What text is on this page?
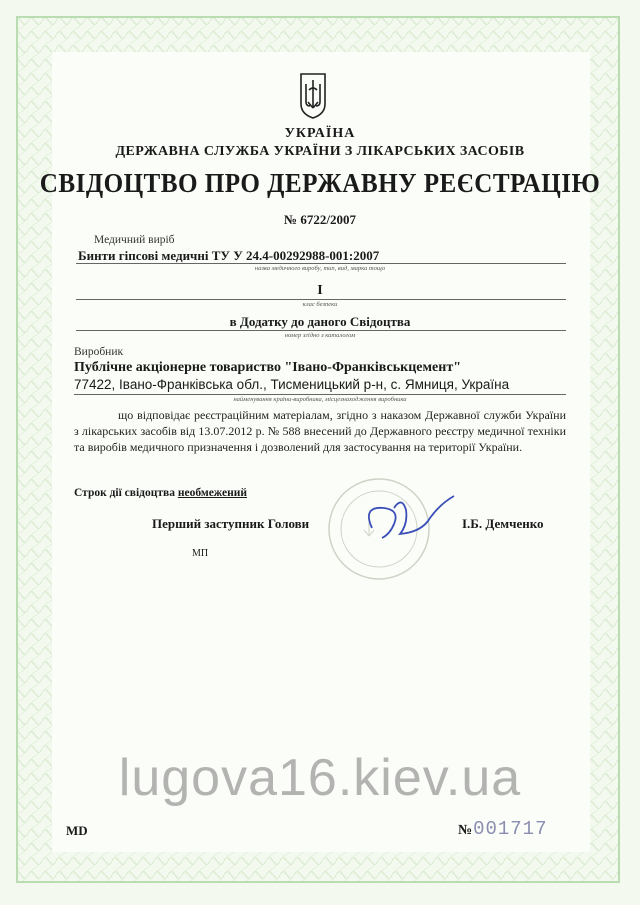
УКРАЇНА
ДЕРЖАВНА СЛУЖБА УКРАЇНИ З ЛІКАРСЬКИХ ЗАСОБІВ
СВІДОЦТВО ПРО ДЕРЖАВНУ РЕЄСТРАЦІЮ
№ 6722/2007
Медичний виріб
Бинти гіпсові медичні ТУ У 24.4-00292988-001:2007
назва медичного виробу, тип, вид, марка тощо
I
клас безпеки
в Додатку до даного Свідоцтва
номер згідно з каталогом
Виробник
Публічне акціонерне товариство "Івано-Франківськцемент"
77422, Івано-Франківська обл., Тисменицький р-н, с. Ямниця, Україна
найменування країни-виробника, місцезнаходження виробника
що відповідає реєстраційним матеріалам, згідно з наказом Державної служби України з лікарських засобів від 13.07.2012 р. № 588 внесений до Державного реєстру медичної техніки та виробів медичного призначення і дозволений для застосування на території України.
Строк дії свідоцтва необмежений
Перший заступник Голови	І.Б. Демченко
МП
lugova16.kiev.ua
MD	№001717
